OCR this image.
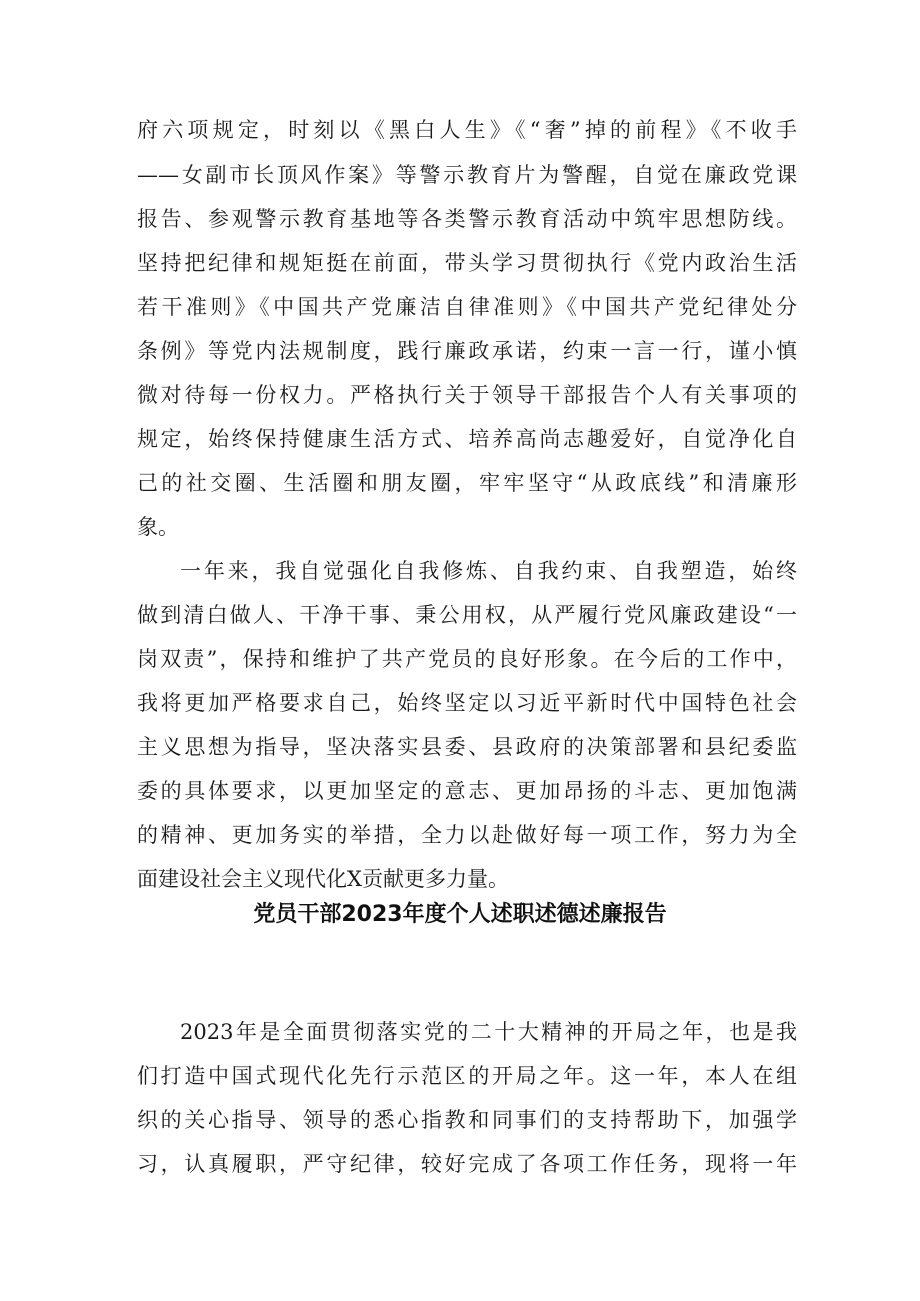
府六项规定，时刻以《黑白人生》《“奢”掉的前程》《不收手
——女副市长顶风作案》等警示教育片为警醒，自觉在廉政党课
报告、参观警示教育基地等各类警示教育活动中筑牢思想防线。
坚持把纪律和规矩挺在前面，带头学习贯彻执行《党内政治生活
若干准则》《中国共产党廉洁自律准则》《中国共产党纪律处分
条例》等党内法规制度，践行廉政承诺，约束一言一行，谨小慎
微对待每一份权力。严格执行关于领导干部报告个人有关事项的
规定，始终保持健康生活方式、培养高尚志趣爱好，自觉净化自
己的社交圈、生活圈和朋友圈，牢牢坚守“从政底线”和清廉形
象。
一年来，我自觉强化自我修炼、自我约束、自我塑造，始终
做到清白做人、干净干事、秉公用权，从严履行党风廉政建设“一
岗双责”，保持和维护了共产党员的良好形象。在今后的工作中，
我将更加严格要求自己，始终坚定以习近平新时代中国特色社会
主义思想为指导，坚决落实县委、县政府的决策部署和县纪委监
委的具体要求，以更加坚定的意志、更加昂扬的斗志、更加饱满
的精神、更加务实的举措，全力以赴做好每一项工作，努力为全
面建设社会主义现代化X贡献更多力量。
党员干部2023年度个人述职述德述廉报告
2023年是全面贯彻落实党的二十大精神的开局之年，也是我
们打造中国式现代化先行示范区的开局之年。这一年，本人在组
织的关心指导、领导的悉心指教和同事们的支持帮助下，加强学
习，认真履职，严守纪律，较好完成了各项工作任务，现将一年
